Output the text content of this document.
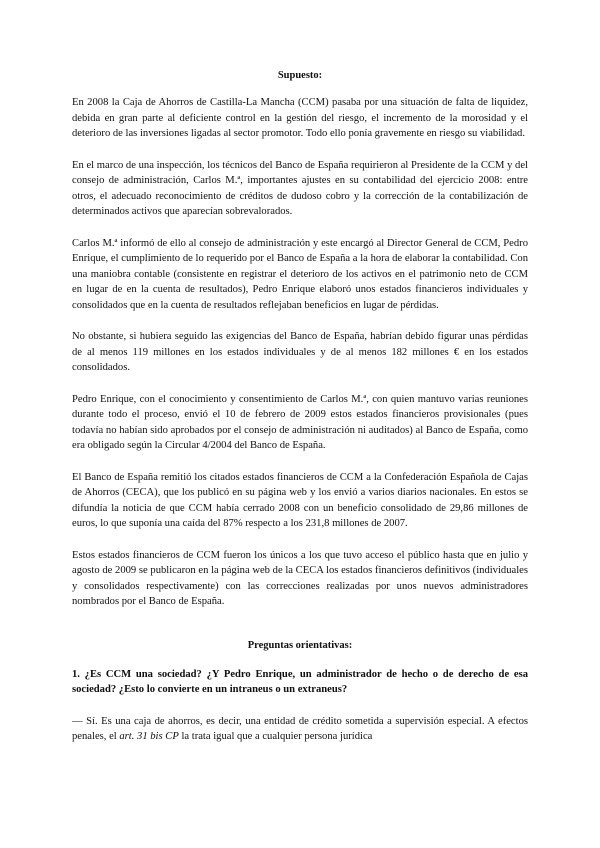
Supuesto:

En 2008 la Caja de Ahorros de Castilla-La Mancha (CCM) pasaba por una situación de falta de liquidez, debida en gran parte al deficiente control en la gestión del riesgo, el incremento de la morosidad y el deterioro de las inversiones ligadas al sector promotor. Todo ello ponía gravemente en riesgo su viabilidad.

En el marco de una inspección, los técnicos del Banco de España requirieron al Presidente de la CCM y del consejo de administración, Carlos M.ª, importantes ajustes en su contabilidad del ejercicio 2008: entre otros, el adecuado reconocimiento de créditos de dudoso cobro y la corrección de la contabilización de determinados activos que aparecían sobrevalorados.

Carlos M.ª informó de ello al consejo de administración y este encargó al Director General de CCM, Pedro Enrique, el cumplimiento de lo requerido por el Banco de España a la hora de elaborar la contabilidad. Con una maniobra contable (consistente en registrar el deterioro de los activos en el patrimonio neto de CCM en lugar de en la cuenta de resultados), Pedro Enrique elaboró unos estados financieros individuales y consolidados que en la cuenta de resultados reflejaban beneficios en lugar de pérdidas.

No obstante, si hubiera seguido las exigencias del Banco de España, habrían debido figurar unas pérdidas de al menos 119 millones en los estados individuales y de al menos 182 millones € en los estados consolidados.

Pedro Enrique, con el conocimiento y consentimiento de Carlos M.ª, con quien mantuvo varias reuniones durante todo el proceso, envió el 10 de febrero de 2009 estos estados financieros provisionales (pues todavía no habían sido aprobados por el consejo de administración ni auditados) al Banco de España, como era obligado según la Circular 4/2004 del Banco de España.

El Banco de España remitió los citados estados financieros de CCM a la Confederación Española de Cajas de Ahorros (CECA), que los publicó en su página web y los envió a varios diarios nacionales. En estos se difundía la noticia de que CCM había cerrado 2008 con un beneficio consolidado de 29,86 millones de euros, lo que suponía una caída del 87% respecto a los 231,8 millones de 2007.

Estos estados financieros de CCM fueron los únicos a los que tuvo acceso el público hasta que en julio y agosto de 2009 se publicaron en la página web de la CECA los estados financieros definitivos (individuales y consolidados respectivamente) con las correcciones realizadas por unos nuevos administradores nombrados por el Banco de España.

Preguntas orientativas:

1. ¿Es CCM una sociedad? ¿Y Pedro Enrique, un administrador de hecho o de derecho de esa sociedad? ¿Esto lo convierte en un intraneus o un extraneus?

— Sí. Es una caja de ahorros, es decir, una entidad de crédito sometida a supervisión especial. A efectos penales, el art. 31 bis CP la trata igual que a cualquier persona jurídica
